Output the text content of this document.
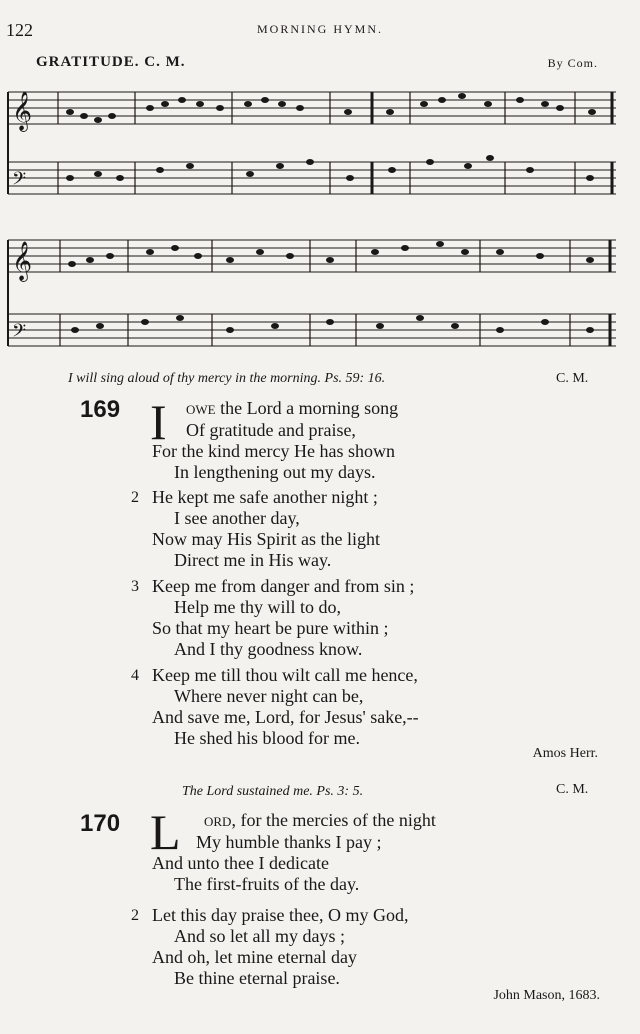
122	MORNING HYMN.
GRATITUDE. C. M.	By Com.
𝄞
𝄞
𝄢
𝄢
I will sing aloud of thy mercy in the morning. Ps. 59: 16.	C. M.
169 I owe the Lord a morning song
Of gratitude and praise,
For the kind mercy He has shown
In lengthening out my days.
2 He kept me safe another night ;
I see another day,
Now may His Spirit as the light
Direct me in His way.
3 Keep me from danger and from sin ;
Help me thy will to do,
So that my heart be pure within ;
And I thy goodness know.
4 Keep me till thou wilt call me hence,
Where never night can be,
And save me, Lord, for Jesus' sake,--
He shed his blood for me.
Amos Herr.
The Lord sustained me. Ps. 3: 5.	C. M.
170 L ord, for the mercies of the night
My humble thanks I pay ;
And unto thee I dedicate
The first-fruits of the day.
2 Let this day praise thee, O my God,
And so let all my days ;
And oh, let mine eternal day
Be thine eternal praise.
John Mason, 1683.
